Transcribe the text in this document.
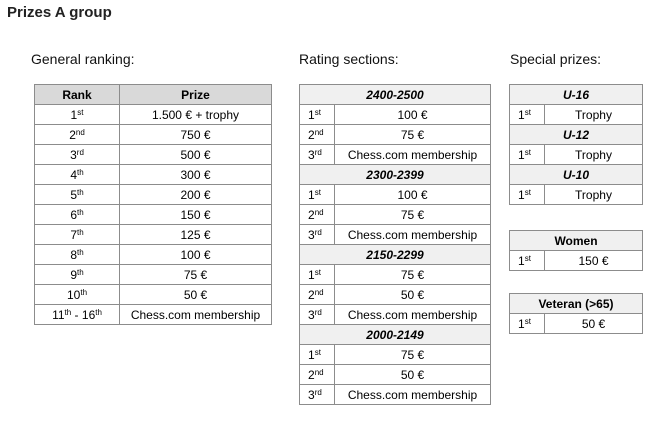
Prizes A group
General ranking:	Rating sections:	Special prizes:
Rank	Prize
1st	1.500 € + trophy
2nd	750 €
3rd	500 €
4th	300 €
5th	200 €
6th	150 €
7th	125 €
8th	100 €
9th	75 €
10th	50 €
11th - 16th	Chess.com membership
2400-2500	
1st	100 €
2nd	75 €
3rd	Chess.com membership
2300-2399	
1st	100 €
2nd	75 €
3rd	Chess.com membership
2150-2299	
1st	75 €
2nd	50 €
3rd	Chess.com membership
2000-2149	
1st	75 €
2nd	50 €
3rd	Chess.com membership
U-16	
1st	Trophy
U-12	
1st	Trophy
U-10	
1st	Trophy
Women
1st	150 €
Veteran (>65)
1st	50 €
